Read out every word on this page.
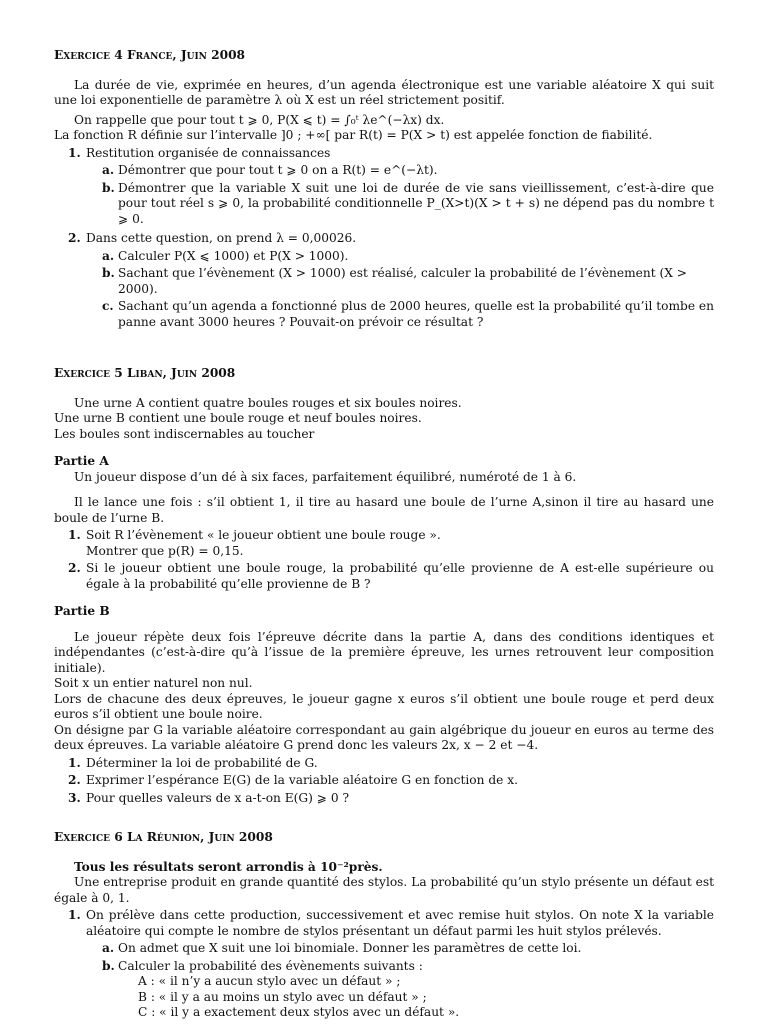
Exercice 4 France, Juin 2008

La durée de vie, exprimée en heures, d’un agenda électronique est une variable aléatoire X qui suit une loi exponentielle de paramètre λ où X est un réel strictement positif.

On rappelle que pour tout t ⩾ 0, P(X ⩽ t) = ∫₀ᵗ λe^(−λx) dx.

La fonction R définie sur l’intervalle ]0 ; +∞[ par R(t) = P(X > t) est appelée fonction de fiabilité.

1. Restitution organisée de connaissances

a. Démontrer que pour tout t ⩾ 0 on a R(t) = e^(−λt).
b. Démontrer que la variable X suit une loi de durée de vie sans vieillissement, c’est-à-dire que pour tout réel s ⩾ 0, la probabilité conditionnelle P_(X>t)(X > t + s) ne dépend pas du nombre t ⩾ 0.
2. Dans cette question, on prend λ = 0,00026.

a. Calculer P(X ⩽ 1000) et P(X > 1000).
b. Sachant que l’évènement (X > 1000) est réalisé, calculer la probabilité de l’évènement (X > 2000).
c. Sachant qu’un agenda a fonctionné plus de 2000 heures, quelle est la probabilité qu’il tombe en panne avant 3000 heures ? Pouvait-on prévoir ce résultat ?
Exercice 5 Liban, Juin 2008

Une urne A contient quatre boules rouges et six boules noires.

Une urne B contient une boule rouge et neuf boules noires.

Les boules sont indiscernables au toucher

Partie A

Un joueur dispose d’un dé à six faces, parfaitement équilibré, numéroté de 1 à 6.

Il le lance une fois : s’il obtient 1, il tire au hasard une boule de l’urne A,sinon il tire au hasard une boule de l’urne B.

1. Soit R l’évènement « le joueur obtient une boule rouge ».

Montrer que p(R) = 0,15.

2. Si le joueur obtient une boule rouge, la probabilité qu’elle provienne de A est-elle supérieure ou égale à la probabilité qu’elle provienne de B ?
Partie B

Le joueur répète deux fois l’épreuve décrite dans la partie A, dans des conditions identiques et indépendantes (c’est-à-dire qu’à l’issue de la première épreuve, les urnes retrouvent leur composition initiale).

Soit x un entier naturel non nul.

Lors de chacune des deux épreuves, le joueur gagne x euros s’il obtient une boule rouge et perd deux euros s’il obtient une boule noire.

On désigne par G la variable aléatoire correspondant au gain algébrique du joueur en euros au terme des deux épreuves. La variable aléatoire G prend donc les valeurs 2x, x − 2 et −4.

1. Déterminer la loi de probabilité de G.
2. Exprimer l’espérance E(G) de la variable aléatoire G en fonction de x.
3. Pour quelles valeurs de x a-t-on E(G) ⩾ 0 ?
Exercice 6 La Réunion, Juin 2008

Tous les résultats seront arrondis à 10⁻²près.

Une entreprise produit en grande quantité des stylos. La probabilité qu’un stylo présente un défaut est égale à 0, 1.

1. On prélève dans cette production, successivement et avec remise huit stylos. On note X la variable aléatoire qui compte le nombre de stylos présentant un défaut parmi les huit stylos prélevés.

a. On admet que X suit une loi binomiale. Donner les paramètres de cette loi.
b. Calculer la probabilité des évènements suivants :

A : « il n’y a aucun stylo avec un défaut » ;

B : « il y a au moins un stylo avec un défaut » ;

C : « il y a exactement deux stylos avec un défaut ».
